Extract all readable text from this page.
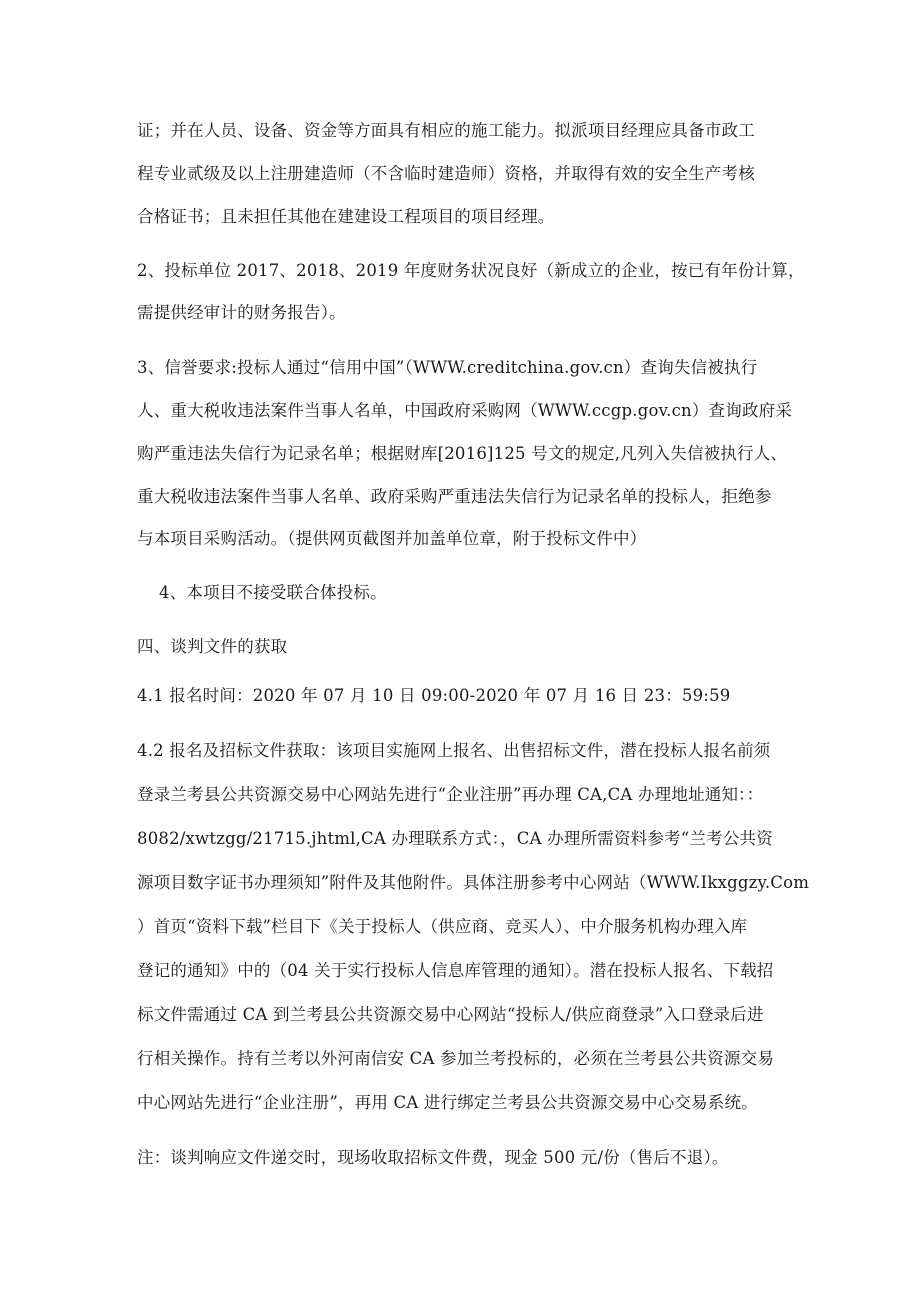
证；并在人员、设备、资金等方面具有相应的施工能力。拟派项目经理应具备市政工
程专业贰级及以上注册建造师（不含临时建造师）资格，并取得有效的安全生产考核
合格证书；且未担任其他在建建设工程项目的项目经理。
2、投标单位 2017、2018、2019 年度财务状况良好（新成立的企业，按已有年份计算，
需提供经审计的财务报告）。
3、信誉要求:投标人通过“信用中国”（WWW.creditchina.gov.cn）查询失信被执行
人、重大税收违法案件当事人名单，中国政府采购网（WWW.ccgp.gov.cn）查询政府采
购严重违法失信行为记录名单；根据财库[2016]125 号文的规定,凡列入失信被执行人、
重大税收违法案件当事人名单、政府采购严重违法失信行为记录名单的投标人，拒绝参
与本项目采购活动。（提供网页截图并加盖单位章，附于投标文件中）
4、本项目不接受联合体投标。
四、谈判文件的获取
4.1 报名时间：2020 年 07 月 10 日 09:00-2020 年 07 月 16 日 23：59:59
4.2 报名及招标文件获取：该项目实施网上报名、出售招标文件，潜在投标人报名前须
登录兰考县公共资源交易中心网站先进行“企业注册”再办理 CA,CA 办理地址通知：：
8082/xwtzgg/21715.jhtml,CA 办理联系方式：，CA 办理所需资料参考“兰考公共资
源项目数字证书办理须知”附件及其他附件。具体注册参考中心网站（WWW.Ikxggzy.Com
）首页“资料下载”栏目下《关于投标人（供应商、竞买人）、中介服务机构办理入库
登记的通知》中的（04 关于实行投标人信息库管理的通知）。潜在投标人报名、下载招
标文件需通过 CA 到兰考县公共资源交易中心网站“投标人/供应商登录”入口登录后进
行相关操作。持有兰考以外河南信安 CA 参加兰考投标的，必须在兰考县公共资源交易
中心网站先进行“企业注册”，再用 CA 进行绑定兰考县公共资源交易中心交易系统。
注：谈判响应文件递交时，现场收取招标文件费，现金 500 元/份（售后不退）。
